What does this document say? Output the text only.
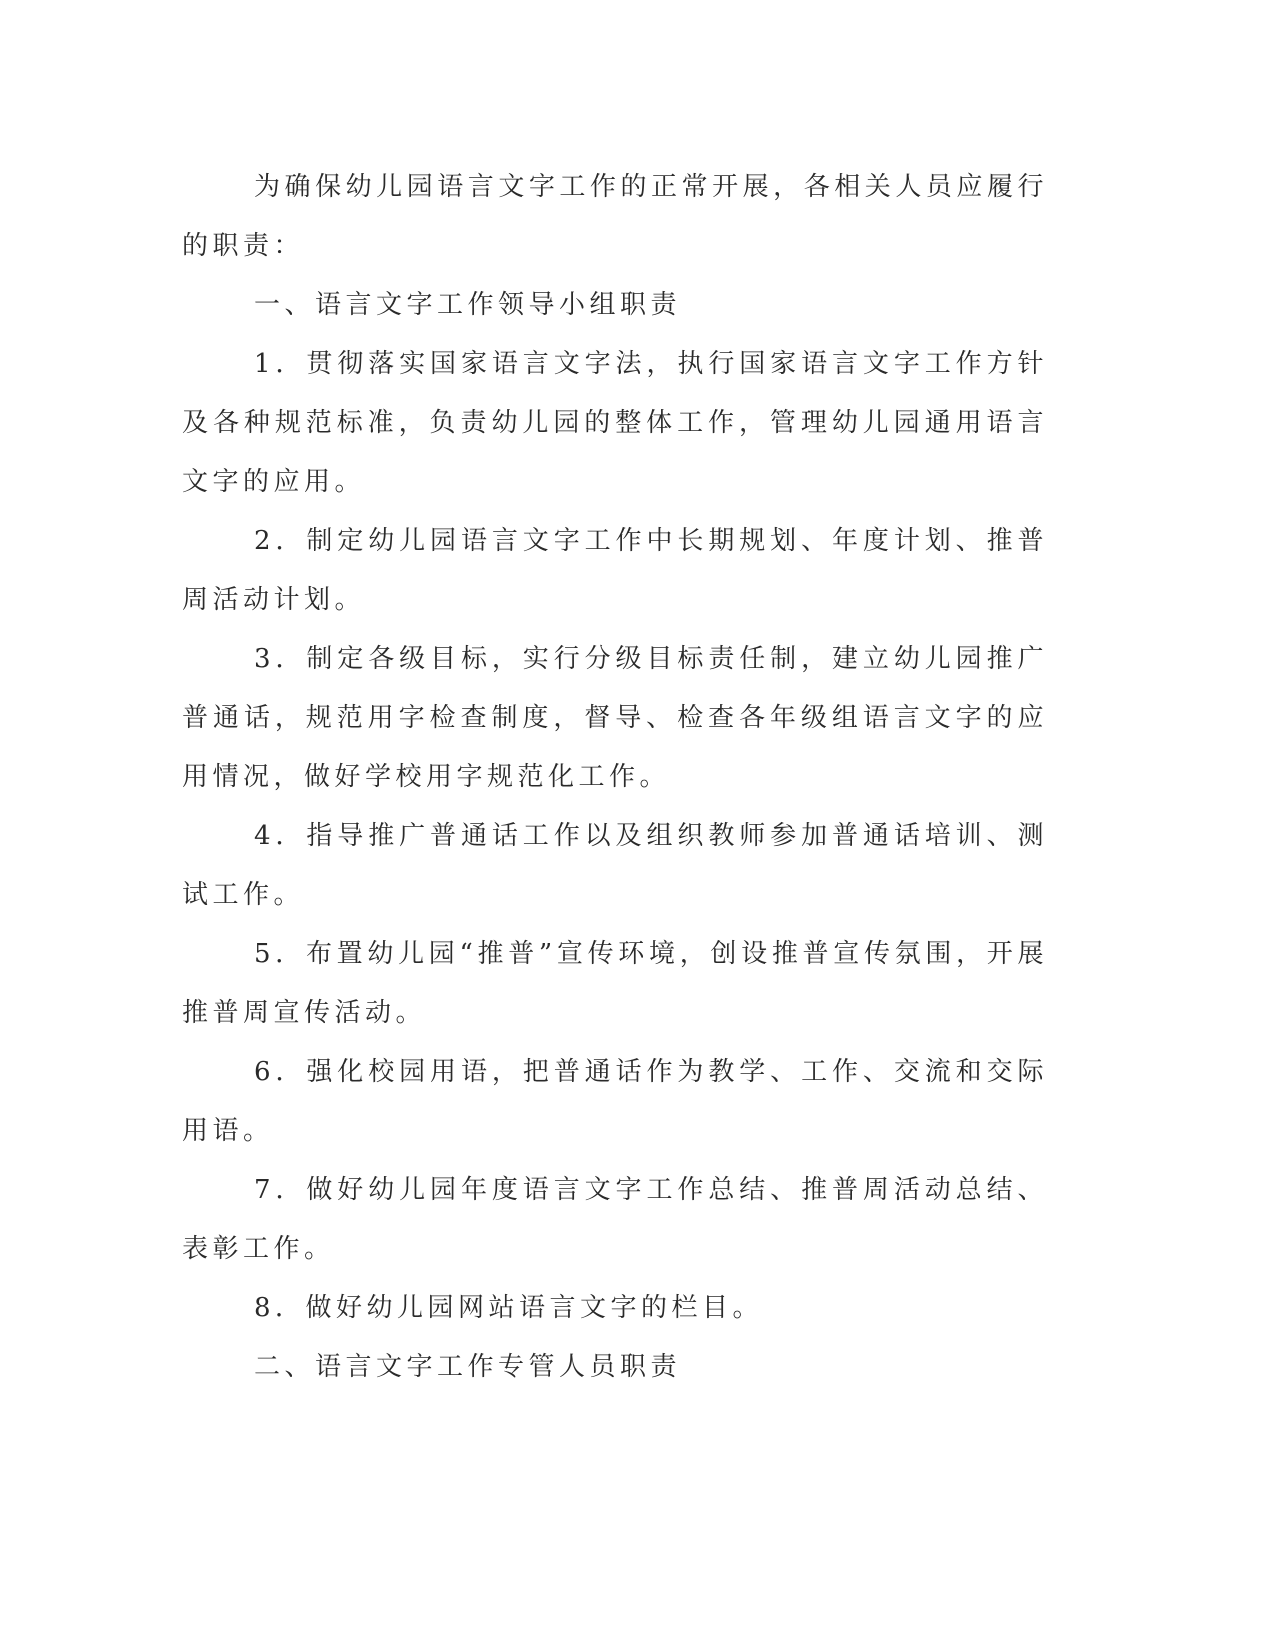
为确保幼儿园语言文字工作的正常开展，各相关人员应履行的职责：

一、语言文字工作领导小组职责

1．贯彻落实国家语言文字法，执行国家语言文字工作方针及各种规范标准，负责幼儿园的整体工作，管理幼儿园通用语言文字的应用。

2．制定幼儿园语言文字工作中长期规划、年度计划、推普周活动计划。

3．制定各级目标，实行分级目标责任制，建立幼儿园推广普通话，规范用字检查制度，督导、检查各年级组语言文字的应用情况，做好学校用字规范化工作。

4．指导推广普通话工作以及组织教师参加普通话培训、测试工作。

5．布置幼儿园“推普”宣传环境，创设推普宣传氛围，开展推普周宣传活动。

6．强化校园用语，把普通话作为教学、工作、交流和交际用语。

7．做好幼儿园年度语言文字工作总结、推普周活动总结、表彰工作。

8．做好幼儿园网站语言文字的栏目。

二、语言文字工作专管人员职责
